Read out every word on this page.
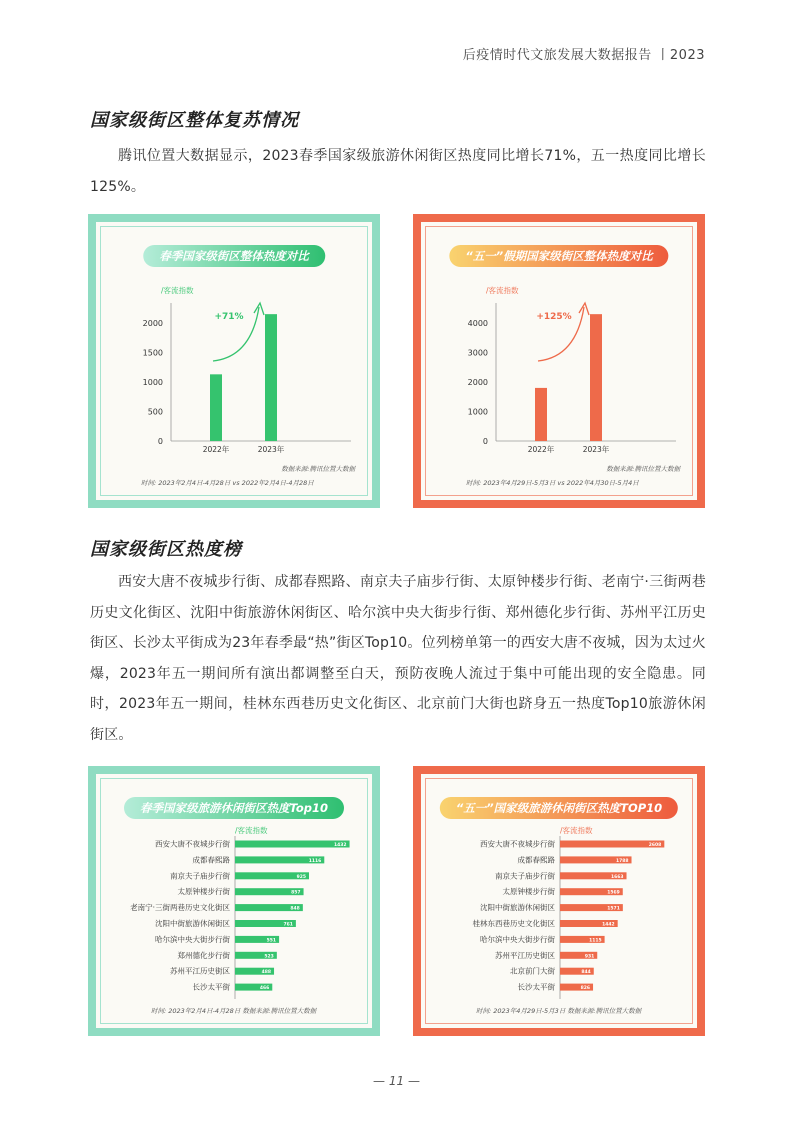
后疫情时代文旅发展大数据报告 丨2023
国家级街区整体复苏情况
腾讯位置大数据显示，2023春季国家级旅游休闲街区热度同比增长71%，五一热度同比增长125%。
春季国家级街区整体热度对比
/客流指数
0
500
1000
1500
2000
2022年	2023年
+71%
数据来源:腾讯位置大数据
时间: 2023年2月4日-4月28日 vs 2022年2月4日-4月28日
“五一”假期国家级街区整体热度对比
/客流指数
0
1000
2000
3000
4000
2022年	2023年
+125%
数据来源:腾讯位置大数据
时间: 2023年4月29日-5月3日 vs 2022年4月30日-5月4日
国家级街区热度榜
西安大唐不夜城步行街、成都春熙路、南京夫子庙步行街、太原钟楼步行街、老南宁·三街两巷历史文化街区、沈阳中街旅游休闲街区、哈尔滨中央大街步行街、郑州德化步行街、苏州平江历史街区、长沙太平街成为23年春季最“热”街区Top10。位列榜单第一的西安大唐不夜城，因为太过火爆，2023年五一期间所有演出都调整至白天，预防夜晚人流过于集中可能出现的安全隐患。同时，2023年五一期间，桂林东西巷历史文化街区、北京前门大街也跻身五一热度Top10旅游休闲街区。
春季国家级旅游休闲街区热度Top10
/客流指数
西安大唐不夜城步行街	1432
成都春熙路	1116
南京夫子庙步行街	925
太原钟楼步行街	857
老南宁·三街两巷历史文化街区	848
沈阳中街旅游休闲街区	761
哈尔滨中央大街步行街	551
郑州德化步行街	523
苏州平江历史街区	488
长沙太平街	466
时间: 2023年2月4日-4月28日 数据来源:腾讯位置大数据
“五一”国家级旅游休闲街区热度TOP10
/客流指数
西安大唐不夜城步行街	2608
成都春熙路	1788
南京夫子庙步行街	1663
太原钟楼步行街	1569
沈阳中街旅游休闲街区	1571
桂林东西巷历史文化街区	1442
哈尔滨中央大街步行街	1115
苏州平江历史街区	931
北京前门大街	844
长沙太平街	826
时间: 2023年4月29日-5月3日 数据来源:腾讯位置大数据
— 11 —
